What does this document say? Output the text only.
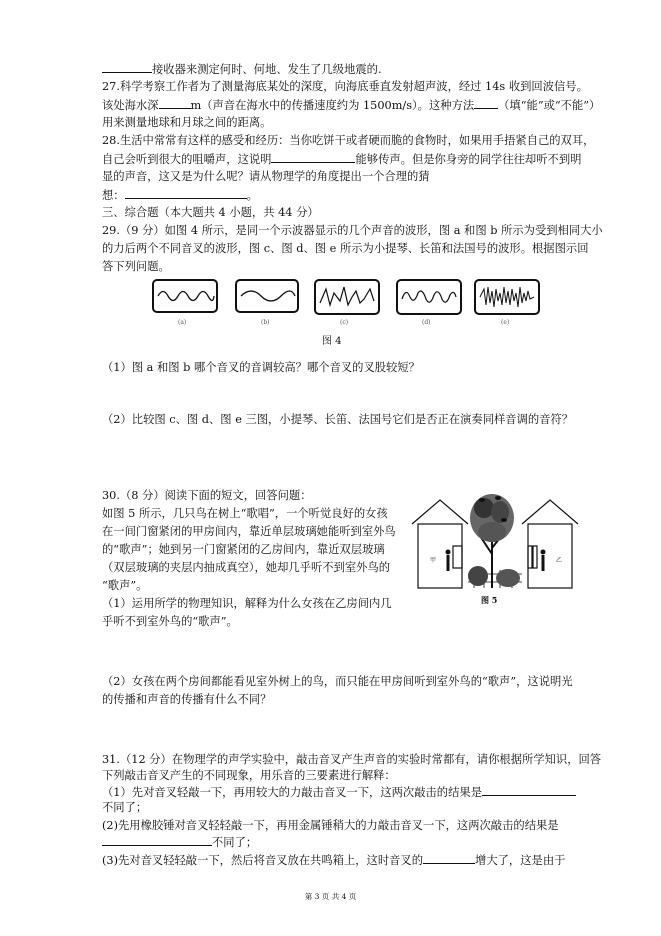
接收器来测定何时、何地、发生了几级地震的.
27.科学考察工作者为了测量海底某处的深度，向海底垂直发射超声波，经过 14s 收到回波信号。
该处海水深	m（声音在海水中的传播速度约为 1500m/s）。这种方法 （填“能”或“不能”）
用来测量地球和月球之间的距离。
28.生活中常常有这样的感受和经历：当你吃饼干或者硬而脆的食物时，如果用手捂紧自己的双耳，
自己会听到很大的咀嚼声，这说明	能够传声。但是你身旁的同学往往却听不到明
显的声音，这又是为什么呢？请从物理学的角度提出一个合理的猜
想：	。
三、综合题（本大题共 4 小题，共 44 分）
29.（9 分）如图 4 所示，是同一个示波器显示的几个声音的波形，图 a 和图 b 所示为受到相同大小
的力后两个不同音叉的波形，图 c、图 d、图 e 所示为小提琴、长笛和法国号的波形。根据图示回
答下列问题。
(a)	(b)	(c)	(d)	(e)
图 4
（1）图 a 和图 b 哪个音叉的音调较高？哪个音叉的叉股较短？
（2）比较图 c、图 d、图 e 三图，小提琴、长笛、法国号它们是否正在演奏同样音调的音符？
30.（8 分）阅读下面的短文，回答问题：
如图 5 所示，几只鸟在树上“歌唱”，一个听觉良好的女孩
在一间门窗紧闭的甲房间内，靠近单层玻璃她能听到室外鸟
的“歌声”；她到另一门窗紧闭的乙房间内，靠近双层玻璃
（双层玻璃的夹层内抽成真空），她却几乎听不到室外鸟的
“歌声”。
（1）运用所学的物理知识，解释为什么女孩在乙房间内几
乎听不到室外鸟的“歌声”。
甲	乙
图 5
（2）女孩在两个房间都能看见室外树上的鸟，而只能在甲房间听到室外鸟的“歌声”，这说明光
的传播和声音的传播有什么不同？
31.（12 分）在物理学的声学实验中，敲击音叉产生声音的实验时常都有，请你根据所学知识，回答
下列敲击音叉产生的不同现象，用乐音的三要素进行解释：
（1）先对音叉轻敲一下，再用较大的力敲击音叉一下，这两次敲击的结果是
不同了；
(2)先用橡胶锤对音叉轻轻敲一下，再用金属锤稍大的力敲击音叉一下，这两次敲击的结果是
不同了；
(3)先对音叉轻轻敲一下，然后将音叉放在共鸣箱上，这时音叉的	增大了，这是由于
第 3 页 共 4 页
